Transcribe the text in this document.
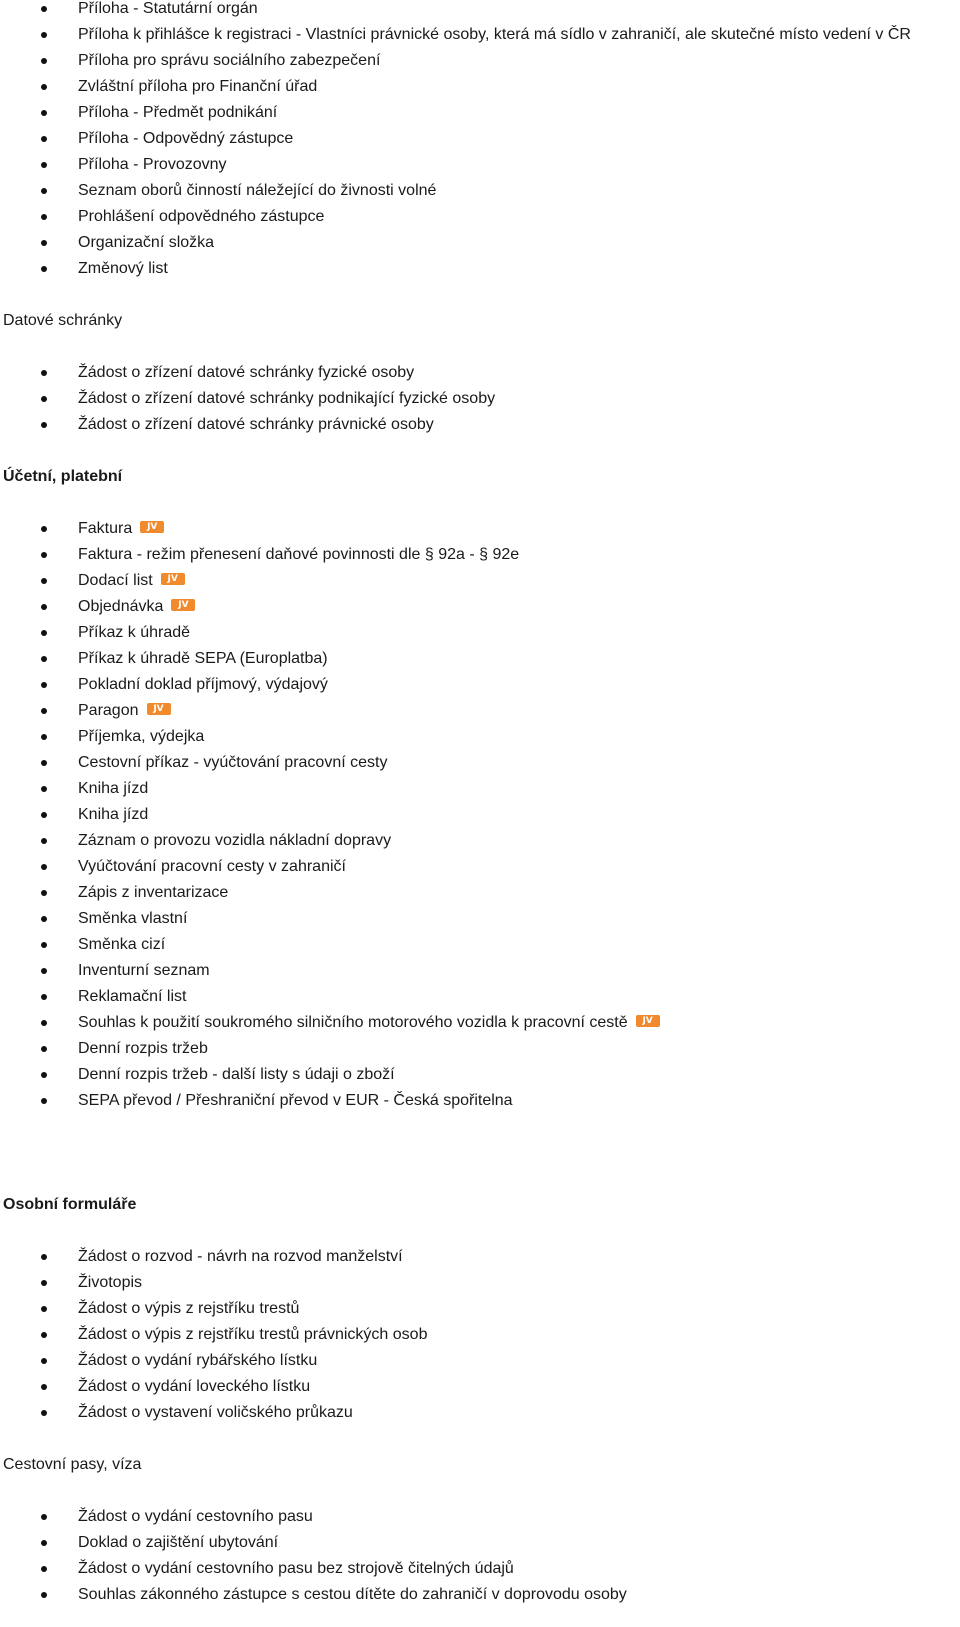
Příloha - Statutární orgán
Příloha k přihlášce k registraci - Vlastníci právnické osoby, která má sídlo v zahraničí, ale skutečné místo vedení v ČR
Příloha pro správu sociálního zabezpečení
Zvláštní příloha pro Finanční úřad
Příloha - Předmět podnikání
Příloha - Odpovědný zástupce
Příloha - Provozovny
Seznam oborů činností náležející do živnosti volné
Prohlášení odpovědného zástupce
Organizační složka
Změnový list
Datové schránky
Žádost o zřízení datové schránky fyzické osoby
Žádost o zřízení datové schránky podnikající fyzické osoby
Žádost o zřízení datové schránky právnické osoby
Účetní, platební
Faktura JV
Faktura - režim přenesení daňové povinnosti dle § 92a - § 92e
Dodací list JV
Objednávka JV
Příkaz k úhradě
Příkaz k úhradě SEPA (Europlatba)
Pokladní doklad příjmový, výdajový
Paragon JV
Příjemka, výdejka
Cestovní příkaz - vyúčtování pracovní cesty
Kniha jízd
Kniha jízd
Záznam o provozu vozidla nákladní dopravy
Vyúčtování pracovní cesty v zahraničí
Zápis z inventarizace
Směnka vlastní
Směnka cizí
Inventurní seznam
Reklamační list
Souhlas k použití soukromého silničního motorového vozidla k pracovní cestě JV
Denní rozpis tržeb
Denní rozpis tržeb - další listy s údaji o zboží
SEPA převod / Přeshraniční převod v EUR - Česká spořitelna
Osobní formuláře
Žádost o rozvod - návrh na rozvod manželství
Životopis
Žádost o výpis z rejstříku trestů
Žádost o výpis z rejstříku trestů právnických osob
Žádost o vydání rybářského lístku
Žádost o vydání loveckého lístku
Žádost o vystavení voličského průkazu
Cestovní pasy, víza
Žádost o vydání cestovního pasu
Doklad o zajištění ubytování
Žádost o vydání cestovního pasu bez strojově čitelných údajů
Souhlas zákonného zástupce s cestou dítěte do zahraničí v doprovodu osoby
